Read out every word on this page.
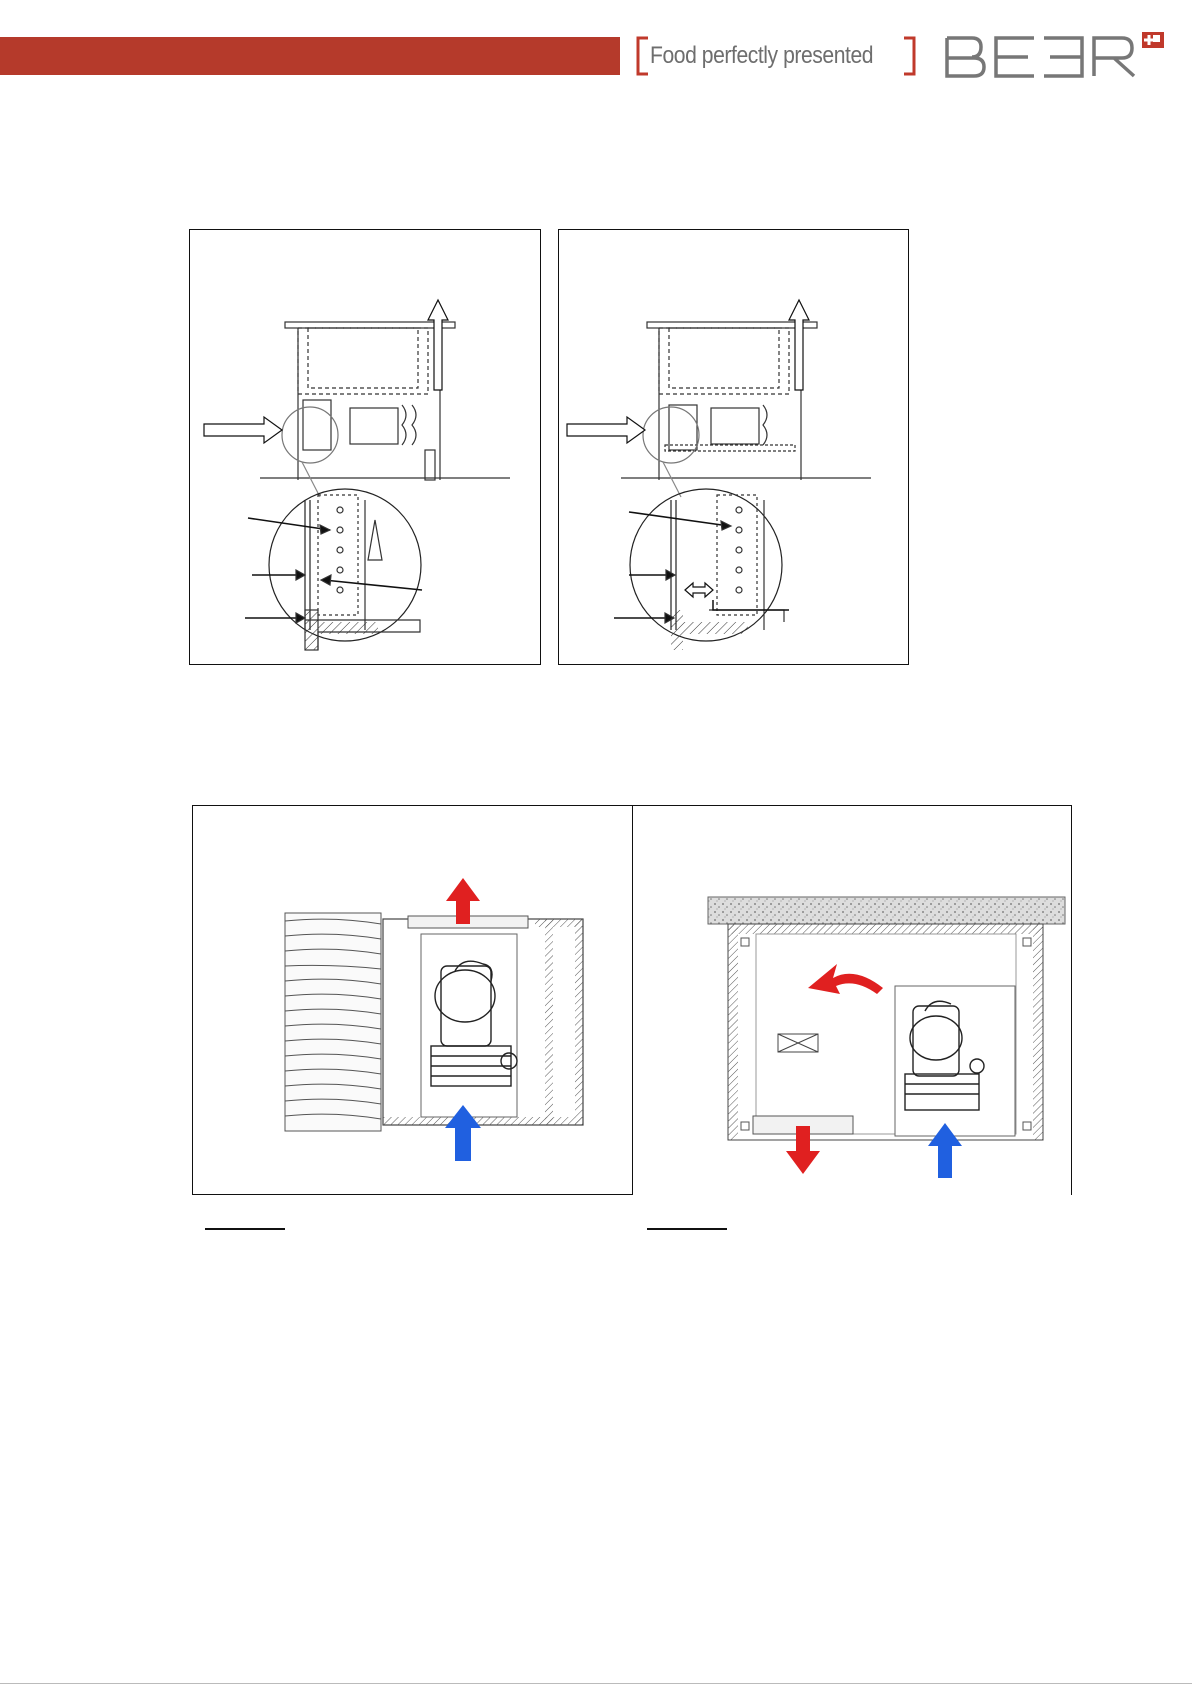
Food perfectly presented
